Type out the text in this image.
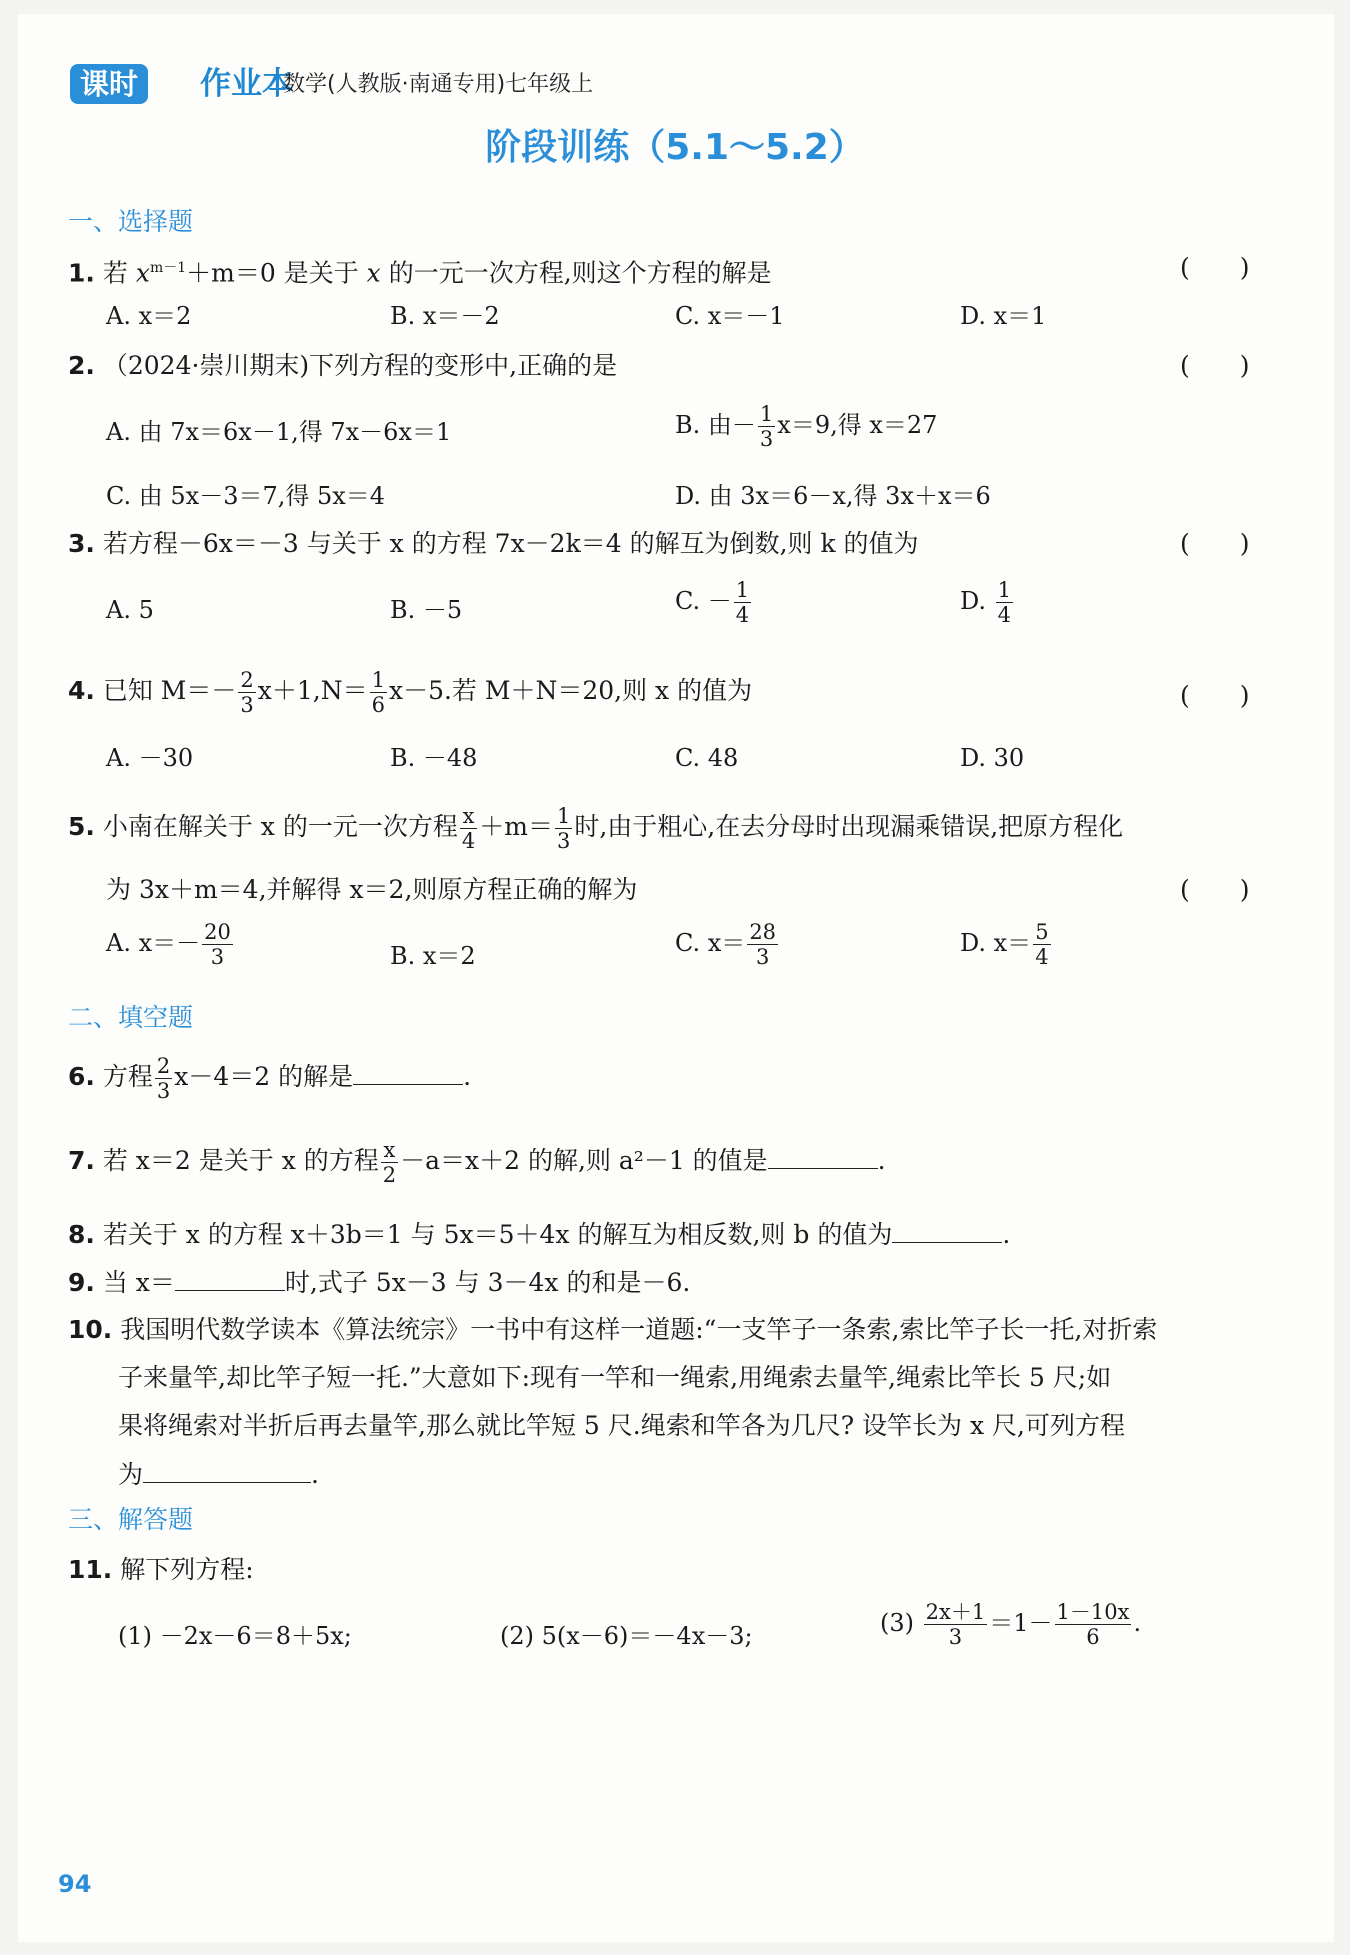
课时	作业本
数学(人教版·南通专用)七年级上
阶段训练（5.1～5.2）
一、选择题
1. 若 $x^{m-1}+m=0$ 是关于 x 的一元一次方程,则这个方程的解是	(　　)
A. x＝2	B. x＝－2	C. x＝－1	D. x＝1
2. （2024·崇川期末)下列方程的变形中,正确的是	(　　)
A. 由 7x＝6x－1,得 7x－6x＝1	B. 由－ $\frac{1}{3} x=9$,得 x＝27
C. 由 5x－3＝7,得 5x＝4	D. 由 3x＝6－x,得 3x＋x＝6
3. 若方程－6x＝－3 与关于 x 的方程 7x－2k＝4 的解互为倒数,则 k 的值为	(　　)
A. 5	B. －5	C. － $\frac{1}{4}$	D. $\frac{1}{4}$
4. 已知 $M=- \frac{2}{3} x+1,N= \frac{1}{6} x-5$.若 M＋N＝20,则 x 的值为	(　　)
A. －30	B. －48	C. 48	D. 30
5. 小南在解关于 x 的一元一次方程 $\frac{x}{4} +m= \frac{1}{3}$ 时,由于粗心,在去分母时出现漏乘错误,把原方程化
为 3x＋m＝4,并解得 x＝2,则原方程正确的解为	(　　)
A. $x=- \frac{20}{3}$	B. x＝2	C. $x= \frac{28}{3}$	D. $x= \frac{5}{4}$
二、填空题
6. 方程 $\frac{2}{3} x-4=2$ 的解是	.
7. 若 x＝2 是关于 x 的方程 $\frac{x}{2} -a=x+2$ 的解,则 a²－1 的值是	.
8. 若关于 x 的方程 x＋3b＝1 与 5x＝5＋4x 的解互为相反数,则 b 的值为	.
9. 当 x＝	时,式子 5x－3 与 3－4x 的和是－6.
10. 我国明代数学读本《算法统宗》一书中有这样一道题:“一支竿子一条索,索比竿子长一托,对折索
子来量竿,却比竿子短一托.”大意如下:现有一竿和一绳索,用绳索去量竿,绳索比竿长 5 尺;如
果将绳索对半折后再去量竿,那么就比竿短 5 尺.绳索和竿各为几尺? 设竿长为 x 尺,可列方程
为	.
三、解答题
11. 解下列方程:
(1) －2x－6＝8＋5x;	(2) 5(x－6)＝－4x－3;	$(3) \frac{2x+1}{3} =1- \frac{1-10x}{6}$ .
94
